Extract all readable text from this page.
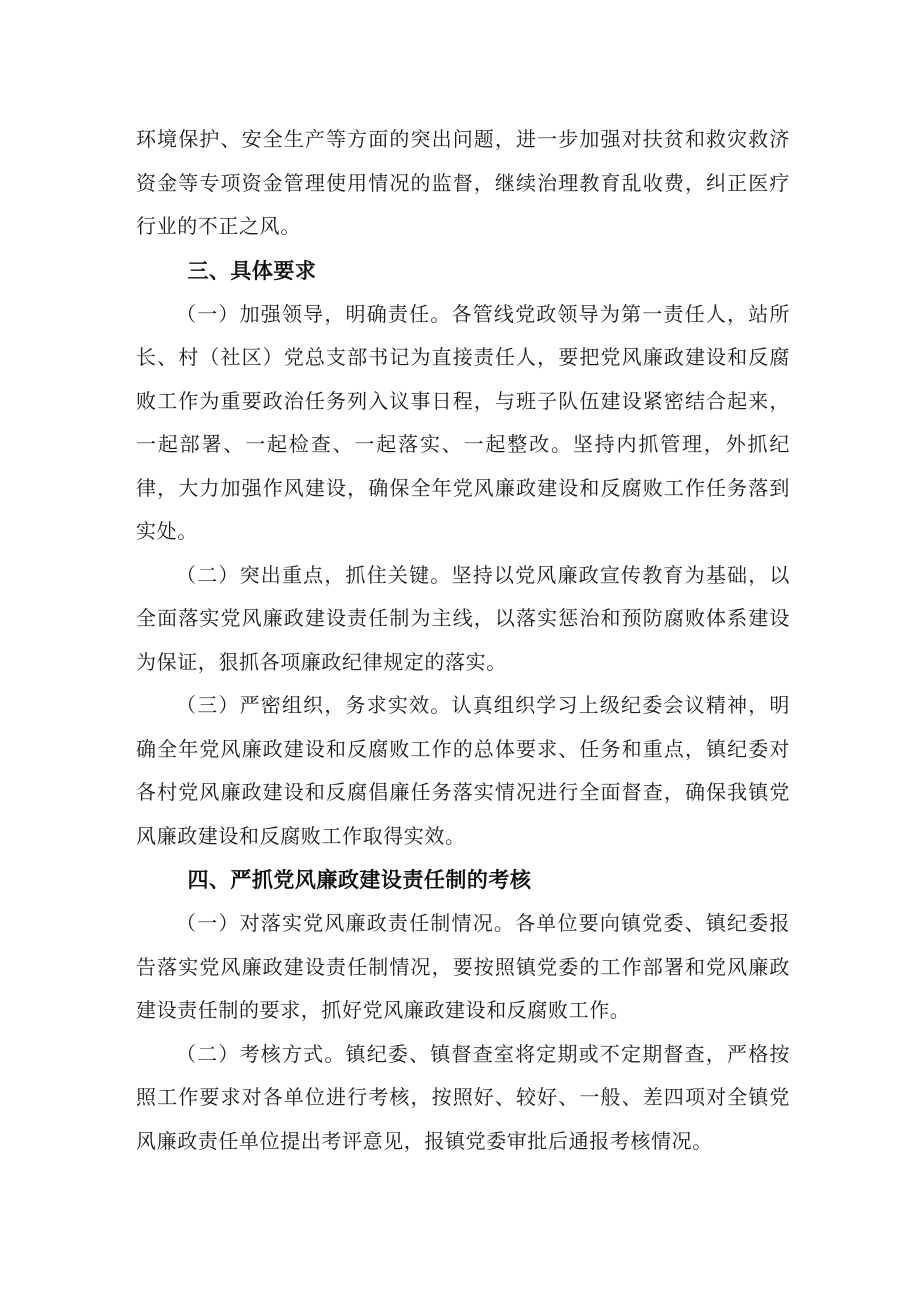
环境保护、安全生产等方面的突出问题，进一步加强对扶贫和救灾救济资金等专项资金管理使用情况的监督，继续治理教育乱收费，纠正医疗行业的不正之风。

三、具体要求

（一）加强领导，明确责任。各管线党政领导为第一责任人，站所长、村（社区）党总支部书记为直接责任人，要把党风廉政建设和反腐败工作为重要政治任务列入议事日程，与班子队伍建设紧密结合起来，一起部署、一起检查、一起落实、一起整改。坚持内抓管理，外抓纪律，大力加强作风建设，确保全年党风廉政建设和反腐败工作任务落到实处。

（二）突出重点，抓住关键。坚持以党风廉政宣传教育为基础，以全面落实党风廉政建设责任制为主线，以落实惩治和预防腐败体系建设为保证，狠抓各项廉政纪律规定的落实。

（三）严密组织，务求实效。认真组织学习上级纪委会议精神，明确全年党风廉政建设和反腐败工作的总体要求、任务和重点，镇纪委对各村党风廉政建设和反腐倡廉任务落实情况进行全面督查，确保我镇党风廉政建设和反腐败工作取得实效。

四、严抓党风廉政建设责任制的考核

（一）对落实党风廉政责任制情况。各单位要向镇党委、镇纪委报告落实党风廉政建设责任制情况，要按照镇党委的工作部署和党风廉政建设责任制的要求，抓好党风廉政建设和反腐败工作。

（二）考核方式。镇纪委、镇督查室将定期或不定期督查，严格按照工作要求对各单位进行考核，按照好、较好、一般、差四项对全镇党风廉政责任单位提出考评意见，报镇党委审批后通报考核情况。
